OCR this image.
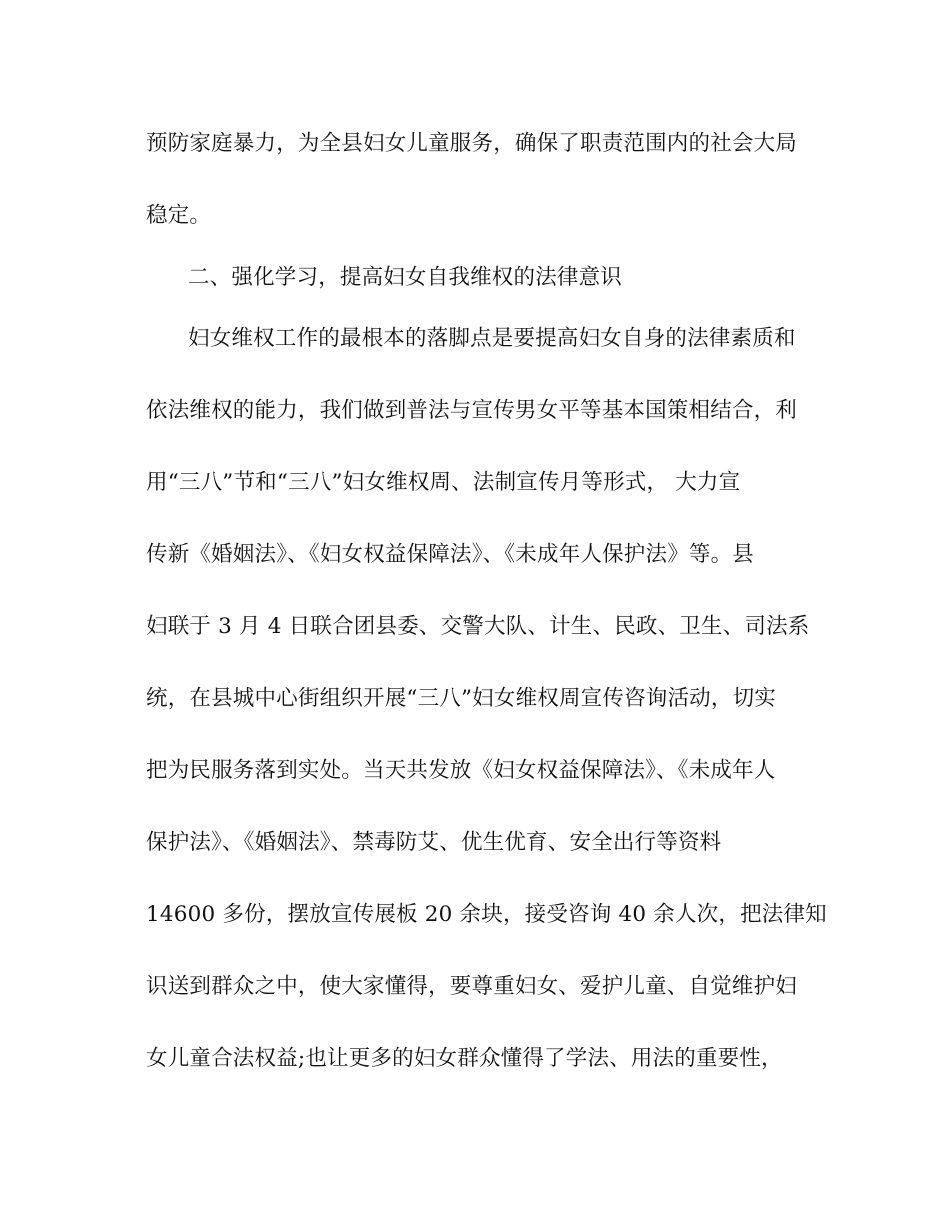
预防家庭暴力，为全县妇女儿童服务，确保了职责范围内的社会大局
稳定。
二、强化学习，提高妇女自我维权的法律意识
妇女维权工作的最根本的落脚点是要提高妇女自身的法律素质和
依法维权的能力，我们做到普法与宣传男女平等基本国策相结合，利
用“三八”节和“三八”妇女维权周、法制宣传月等形式， 大力宣
传新《婚姻法》、《妇女权益保障法》、《未成年人保护法》等。县
妇联于 3 月 4 日联合团县委、交警大队、计生、民政、卫生、司法系
统，在县城中心街组织开展“三八”妇女维权周宣传咨询活动，切实
把为民服务落到实处。当天共发放《妇女权益保障法》、《未成年人
保护法》、《婚姻法》、禁毒防艾、优生优育、安全出行等资料
14600 多份，摆放宣传展板 20 余块，接受咨询 40 余人次，把法律知
识送到群众之中，使大家懂得，要尊重妇女、爱护儿童、自觉维护妇
女儿童合法权益;也让更多的妇女群众懂得了学法、用法的重要性，
